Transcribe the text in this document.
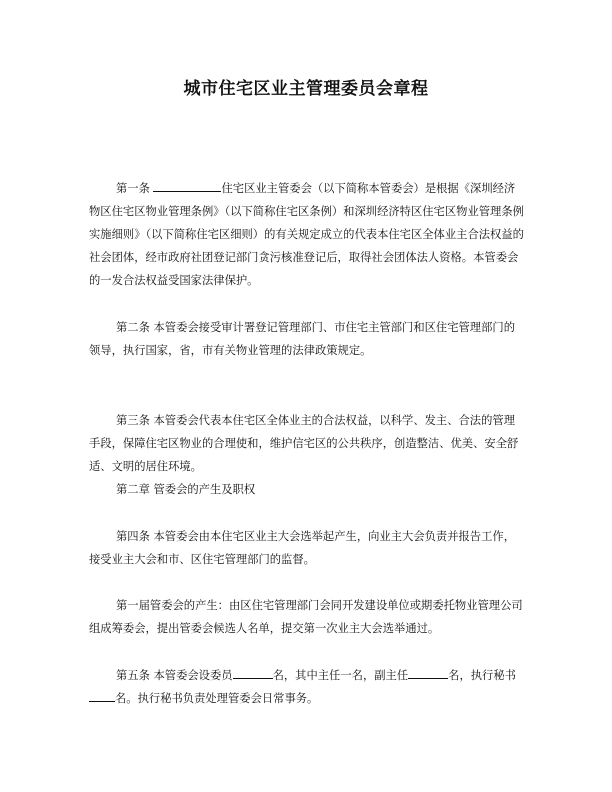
城市住宅区业主管理委员会章程
第一条	住宅区业主管委会（以下简称本管委会）是根据《深圳经济物区住宅区物业管理条例》（以下简称住宅区条例）和深圳经济特区住宅区物业管理条例实施细则》（以下简称住宅区细则）的有关规定成立的代表本住宅区全体业主合法权益的社会团体，经市政府社团登记部门贪污核准登记后，取得社会团体法人资格。本管委会的一发合法权益受国家法律保护。
第二条 本管委会接受审计署登记管理部门、市住宅主管部门和区住宅管理部门的领导，执行国家，省，市有关物业管理的法律政策规定。
第三条 本管委会代表本住宅区全体业主的合法权益，以科学、发主、合法的管理手段，保障住宅区物业的合理使和，维护信宅区的公共秩序，创造整洁、优美、安全舒适、文明的居住环境。
第二章 管委会的产生及职权
第四条 本管委会由本住宅区业主大会选举起产生，向业主大会负责并报告工作，接受业主大会和市、区住宅管理部门的监督。
第一届管委会的产生：由区住宅管理部门会同开发建设单位或期委托物业管理公司组成筹委会，提出管委会候选人名单，提交第一次业主大会选举通过。
第五条 本管委会设委员	名，其中主任一名，副主任	名，执行秘书名。执行秘书负责处理管委会日常事务。
